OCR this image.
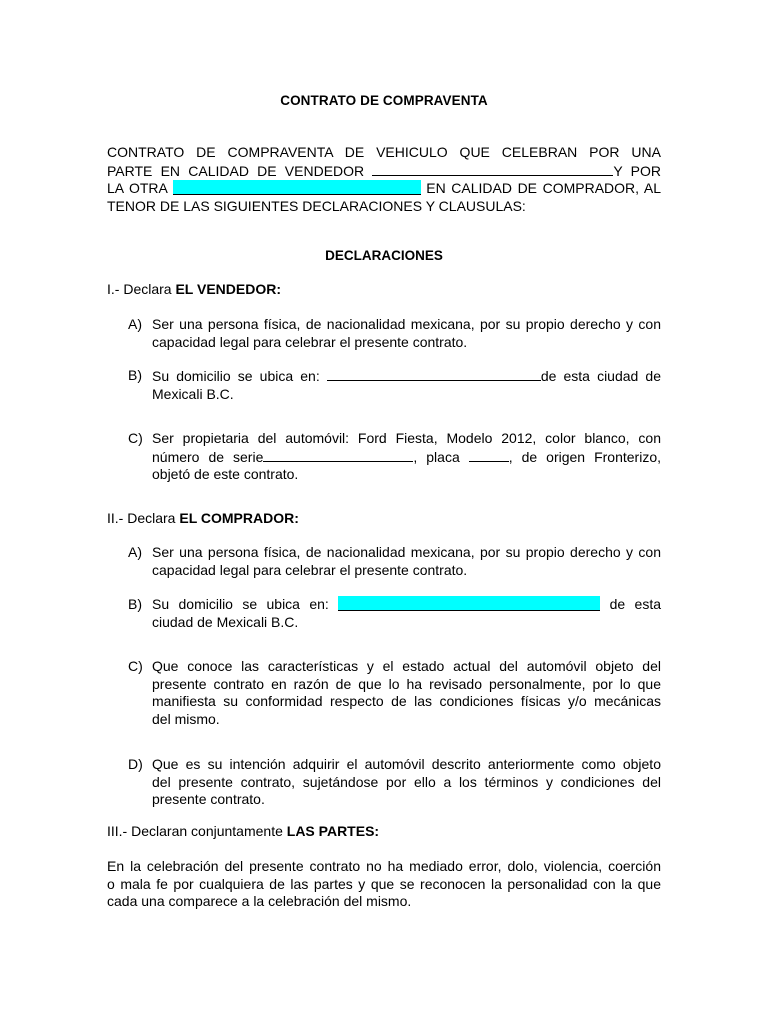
CONTRATO DE COMPRAVENTA
CONTRATO DE COMPRAVENTA DE VEHICULO QUE CELEBRAN POR UNA
PARTE EN CALIDAD DE VENDEDOR	Y POR
LA OTRA	EN CALIDAD DE COMPRADOR, AL
TENOR DE LAS SIGUIENTES DECLARACIONES Y CLAUSULAS:
DECLARACIONES
I.- Declara EL VENDEDOR:
A) Ser una persona física, de nacionalidad mexicana, por su propio derecho y con
capacidad legal para celebrar el presente contrato.
B) Su domicilio se ubica en:	de esta ciudad de
Mexicali B.C.
C) Ser propietaria del automóvil: Ford Fiesta, Modelo 2012, color blanco, con
número de serie	, placa	, de origen Fronterizo,
objetó de este contrato.
II.- Declara EL COMPRADOR:
A) Ser una persona física, de nacionalidad mexicana, por su propio derecho y con
capacidad legal para celebrar el presente contrato.
B) Su domicilio se ubica en:	de esta
ciudad de Mexicali B.C.
C) Que conoce las características y el estado actual del automóvil objeto del
presente contrato en razón de que lo ha revisado personalmente, por lo que
manifiesta su conformidad respecto de las condiciones físicas y/o mecánicas
del mismo.
D) Que es su intención adquirir el automóvil descrito anteriormente como objeto
del presente contrato, sujetándose por ello a los términos y condiciones del
presente contrato.
III.- Declaran conjuntamente LAS PARTES:
En la celebración del presente contrato no ha mediado error, dolo, violencia, coerción
o mala fe por cualquiera de las partes y que se reconocen la personalidad con la que
cada una comparece a la celebración del mismo.
